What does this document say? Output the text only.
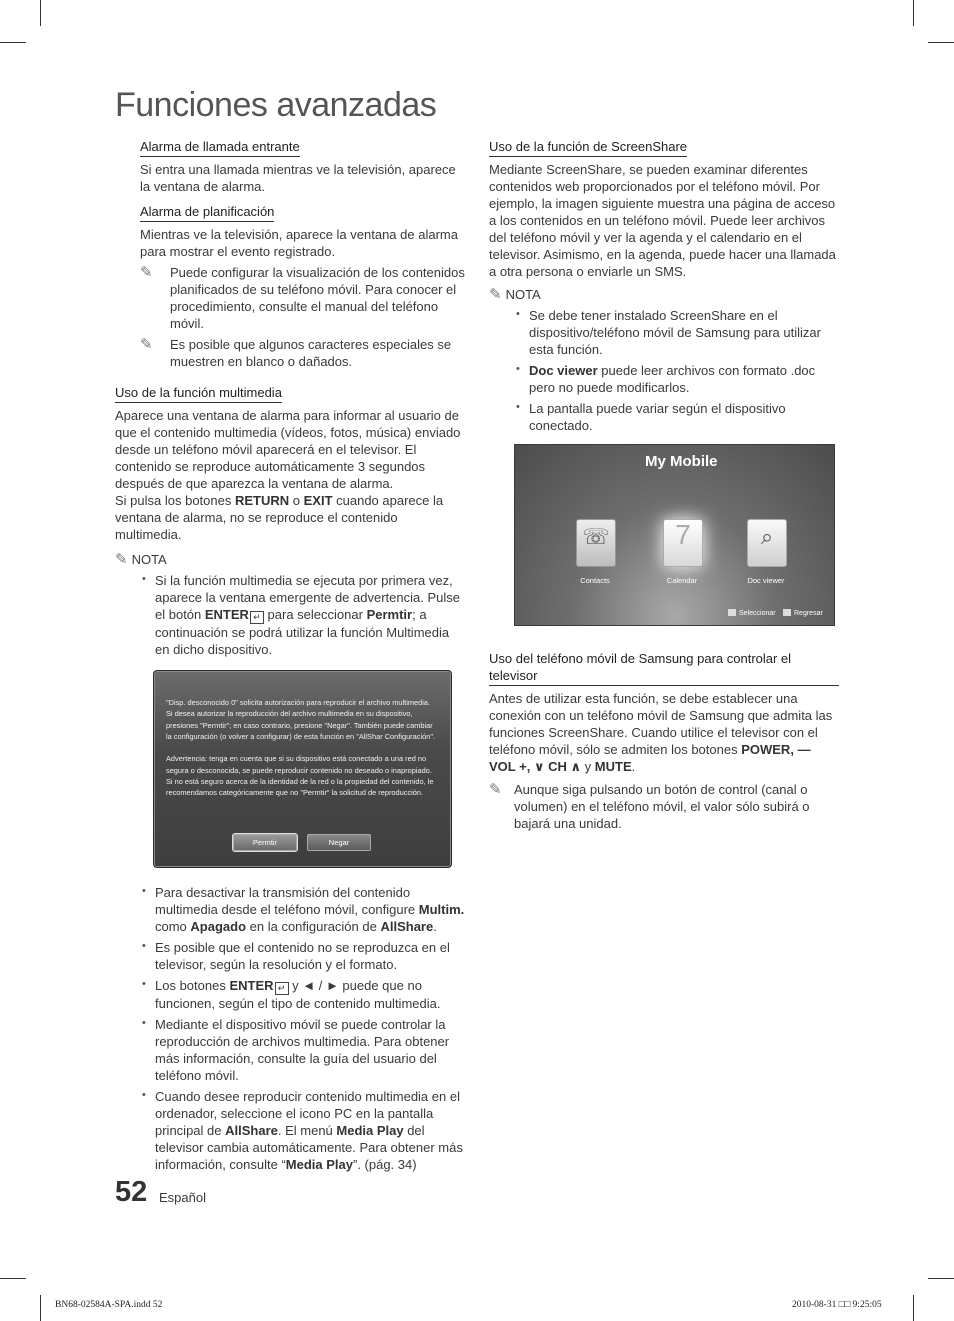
Funciones avanzadas
Alarma de llamada entrante

Si entra una llamada mientras ve la televisión, aparece la ventana de alarma.

Alarma de planificación

Mientras ve la televisión, aparece la ventana de alarma para mostrar el evento registrado.

✎ Puede configurar la visualización de los contenidos planificados de su teléfono móvil. Para conocer el procedimiento, consulte el manual del teléfono móvil.
✎ Es posible que algunos caracteres especiales se muestren en blanco o dañados.
Uso de la función multimedia

Aparece una ventana de alarma para informar al usuario de que el contenido multimedia (vídeos, fotos, música) enviado desde un teléfono móvil aparecerá en el televisor. El contenido se reproduce automáticamente 3 segundos después de que aparezca la ventana de alarma.

Si pulsa los botones RETURN o EXIT cuando aparece la ventana de alarma, no se reproduce el contenido multimedia.

✎ NOTA
• Si la función multimedia se ejecuta por primera vez, aparece la ventana emergente de advertencia. Pulse el botón ENTER ↵ para seleccionar Permtir; a continuación se podrá utilizar la función Multimedia en dicho dispositivo.
"Disp. desconocido 0" solicita autorización para reproducir el archivo multimedia. Si desea autorizar la reproducción del archivo multimedia en su dispositivo, presiones "Permtir"; en caso contrario, presione "Negar". También puede cambiar la configuración (o volver a configurar) de esta función en "AllShar Configuración".

Advertencia: tenga en cuenta que si su dispositivo está conectado a una red no segura o desconocida, se puede reproducir contenido no deseado o inapropiado. Si no está seguro acerca de la identidad de la red o la propiedad del contenido, le recomendamos categóricamente que no "Permtir" la solicitud de reproducción.
Permtir	Negar
• Para desactivar la transmisión del contenido multimedia desde el teléfono móvil, configure Multim. como Apagado en la configuración de AllShare.
• Es posible que el contenido no se reproduzca en el televisor, según la resolución y el formato.
• Los botones ENTER ↵ y ◄ / ► puede que no funcionen, según el tipo de contenido multimedia.
• Mediante el dispositivo móvil se puede controlar la reproducción de archivos multimedia. Para obtener más información, consulte la guía del usuario del teléfono móvil.
• Cuando desee reproducir contenido multimedia en el ordenador, seleccione el icono PC en la pantalla principal de AllShare. El menú Media Play del televisor cambia automáticamente. Para obtener más información, consulte “Media Play”. (pág. 34)
Uso de la función de ScreenShare

Mediante ScreenShare, se pueden examinar diferentes contenidos web proporcionados por el teléfono móvil. Por ejemplo, la imagen siguiente muestra una página de acceso a los contenidos en un teléfono móvil. Puede leer archivos del teléfono móvil y ver la agenda y el calendario en el televisor. Asimismo, en la agenda, puede hacer una llamada a otra persona o enviarle un SMS.

✎ NOTA
• Se debe tener instalado ScreenShare en el dispositivo/teléfono móvil de Samsung para utilizar esta función.
• Doc viewer puede leer archivos con formato .doc pero no puede modificarlos.
• La pantalla puede variar según el dispositivo conectado.
My Mobile
☏	7	⌕
Contacts	Calendar	Doc viewer
Seleccionar	Regresar
Uso del teléfono móvil de Samsung para controlar el televisor

Antes de utilizar esta función, se debe establecer una conexión con un teléfono móvil de Samsung que admita las funciones ScreenShare. Cuando utilice el televisor con el teléfono móvil, sólo se admiten los botones POWER, — VOL +, ∨ CH ∧ y MUTE.

✎ Aunque siga pulsando un botón de control (canal o volumen) en el teléfono móvil, el valor sólo subirá o bajará una unidad.
52 Español
BN68-02584A-SPA.indd 52	2010-08-31 □□ 9:25:05
